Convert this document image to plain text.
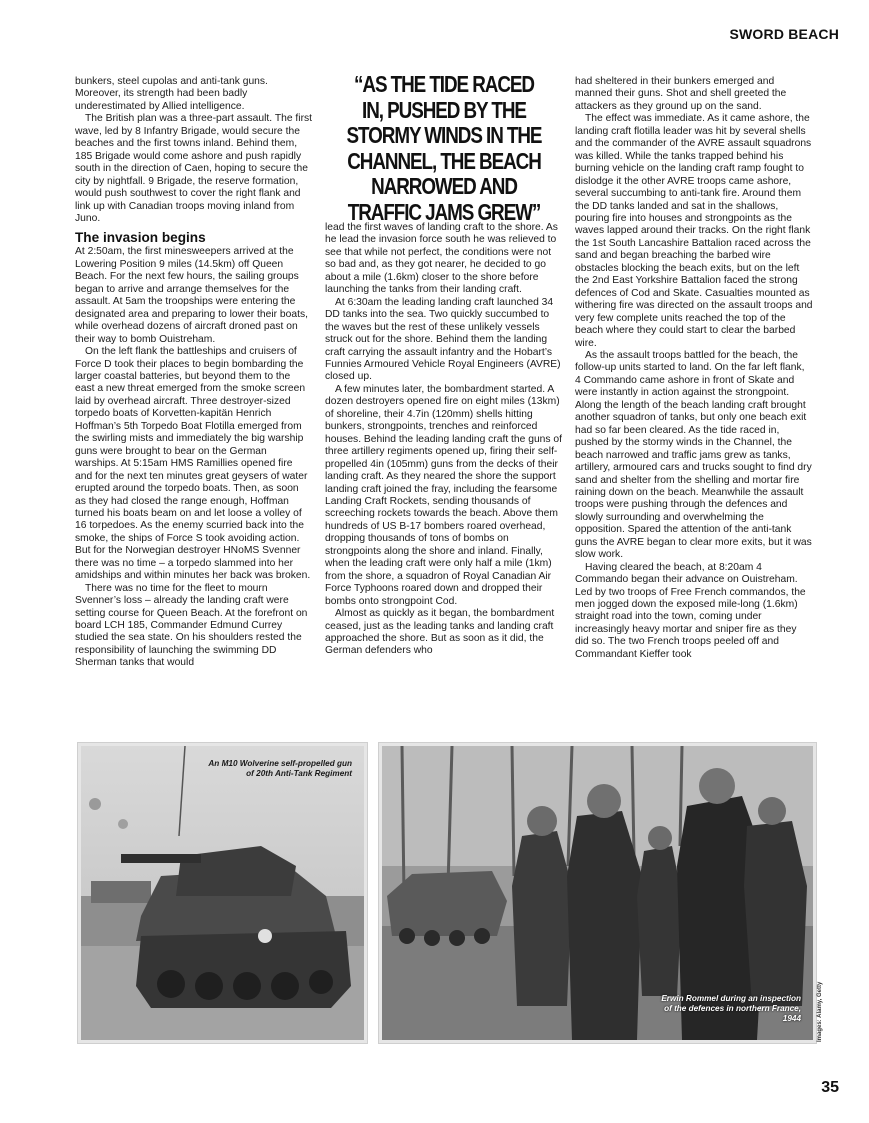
SWORD BEACH

bunkers, steel cupolas and anti-tank guns. Moreover, its strength had been badly underestimated by Allied intelligence.

The British plan was a three-part assault. The first wave, led by 8 Infantry Brigade, would secure the beaches and the first towns inland. Behind them, 185 Brigade would come ashore and push rapidly south in the direction of Caen, hoping to secure the city by nightfall. 9 Brigade, the reserve formation, would push southwest to cover the right flank and link up with Canadian troops moving inland from Juno.

The invasion begins

At 2:50am, the first minesweepers arrived at the Lowering Position 9 miles (14.5km) off Queen Beach. For the next few hours, the sailing groups began to arrive and arrange themselves for the assault. At 5am the troopships were entering the designated area and preparing to lower their boats, while overhead dozens of aircraft droned past on their way to bomb Ouistreham.

On the left flank the battleships and cruisers of Force D took their places to begin bombarding the larger coastal batteries, but beyond them to the east a new threat emerged from the smoke screen laid by overhead aircraft. Three destroyer-sized torpedo boats of Korvetten-kapitän Henrich Hoffman’s 5th Torpedo Boat Flotilla emerged from the swirling mists and immediately the big warship guns were brought to bear on the German warships. At 5:15am HMS Ramillies opened fire and for the next ten minutes great geysers of water erupted around the torpedo boats. Then, as soon as they had closed the range enough, Hoffman turned his boats beam on and let loose a volley of 16 torpedoes. As the enemy scurried back into the smoke, the ships of Force S took avoiding action. But for the Norwegian destroyer HNoMS Svenner there was no time – a torpedo slammed into her amidships and within minutes her back was broken.

There was no time for the fleet to mourn Svenner’s loss – already the landing craft were setting course for Queen Beach. At the forefront on board LCH 185, Commander Edmund Currey studied the sea state. On his shoulders rested the responsibility of launching the swimming DD Sherman tanks that would

“AS THE TIDE RACED IN, PUSHED BY THE STORMY WINDS IN THE CHANNEL, THE BEACH NARROWED AND TRAFFIC JAMS GREW”

lead the first waves of landing craft to the shore. As he lead the invasion force south he was relieved to see that while not perfect, the conditions were not so bad and, as they got nearer, he decided to go about a mile (1.6km) closer to the shore before launching the tanks from their landing craft.

At 6:30am the leading landing craft launched 34 DD tanks into the sea. Two quickly succumbed to the waves but the rest of these unlikely vessels struck out for the shore. Behind them the landing craft carrying the assault infantry and the Hobart’s Funnies Armoured Vehicle Royal Engineers (AVRE) closed up.

A few minutes later, the bombardment started. A dozen destroyers opened fire on eight miles (13km) of shoreline, their 4.7in (120mm) shells hitting bunkers, strongpoints, trenches and reinforced houses. Behind the leading landing craft the guns of three artillery regiments opened up, firing their self-propelled 4in (105mm) guns from the decks of their landing craft. As they neared the shore the support landing craft joined the fray, including the fearsome Landing Craft Rockets, sending thousands of screeching rockets towards the beach. Above them hundreds of US B-17 bombers roared overhead, dropping thousands of tons of bombs on strongpoints along the shore and inland. Finally, when the leading craft were only half a mile (1km) from the shore, a squadron of Royal Canadian Air Force Typhoons roared down and dropped their bombs onto strongpoint Cod.

Almost as quickly as it began, the bombardment ceased, just as the leading tanks and landing craft approached the shore. But as soon as it did, the German defenders who

had sheltered in their bunkers emerged and manned their guns. Shot and shell greeted the attackers as they ground up on the sand.

The effect was immediate. As it came ashore, the landing craft flotilla leader was hit by several shells and the commander of the AVRE assault squadrons was killed. While the tanks trapped behind his burning vehicle on the landing craft ramp fought to dislodge it the other AVRE troops came ashore, several succumbing to anti-tank fire. Around them the DD tanks landed and sat in the shallows, pouring fire into houses and strongpoints as the waves lapped around their tracks. On the right flank the 1st South Lancashire Battalion raced across the sand and began breaching the barbed wire obstacles blocking the beach exits, but on the left the 2nd East Yorkshire Battalion faced the strong defences of Cod and Skate. Casualties mounted as withering fire was directed on the assault troops and very few complete units reached the top of the beach where they could start to clear the barbed wire.

As the assault troops battled for the beach, the follow-up units started to land. On the far left flank, 4 Commando came ashore in front of Skate and were instantly in action against the strongpoint. Along the length of the beach landing craft brought another squadron of tanks, but only one beach exit had so far been cleared. As the tide raced in, pushed by the stormy winds in the Channel, the beach narrowed and traffic jams grew as tanks, artillery, armoured cars and trucks sought to find dry sand and shelter from the shelling and mortar fire raining down on the beach. Meanwhile the assault troops were pushing through the defences and slowly surrounding and overwhelming the opposition. Spared the attention of the anti-tank guns the AVRE began to clear more exits, but it was slow work.

Having cleared the beach, at 8:20am 4 Commando began their advance on Ouistreham. Led by two troops of Free French commandos, the men jogged down the exposed mile-long (1.6km) straight road into the town, coming under increasingly heavy mortar and sniper fire as they did so. The two French troops peeled off and Commandant Kieffer took

An M10 Wolverine self-propelled gun of 20th Anti-Tank Regiment
Erwin Rommel during an inspection of the defences in northern France, 1944	Images: Alamy, Getty
35
